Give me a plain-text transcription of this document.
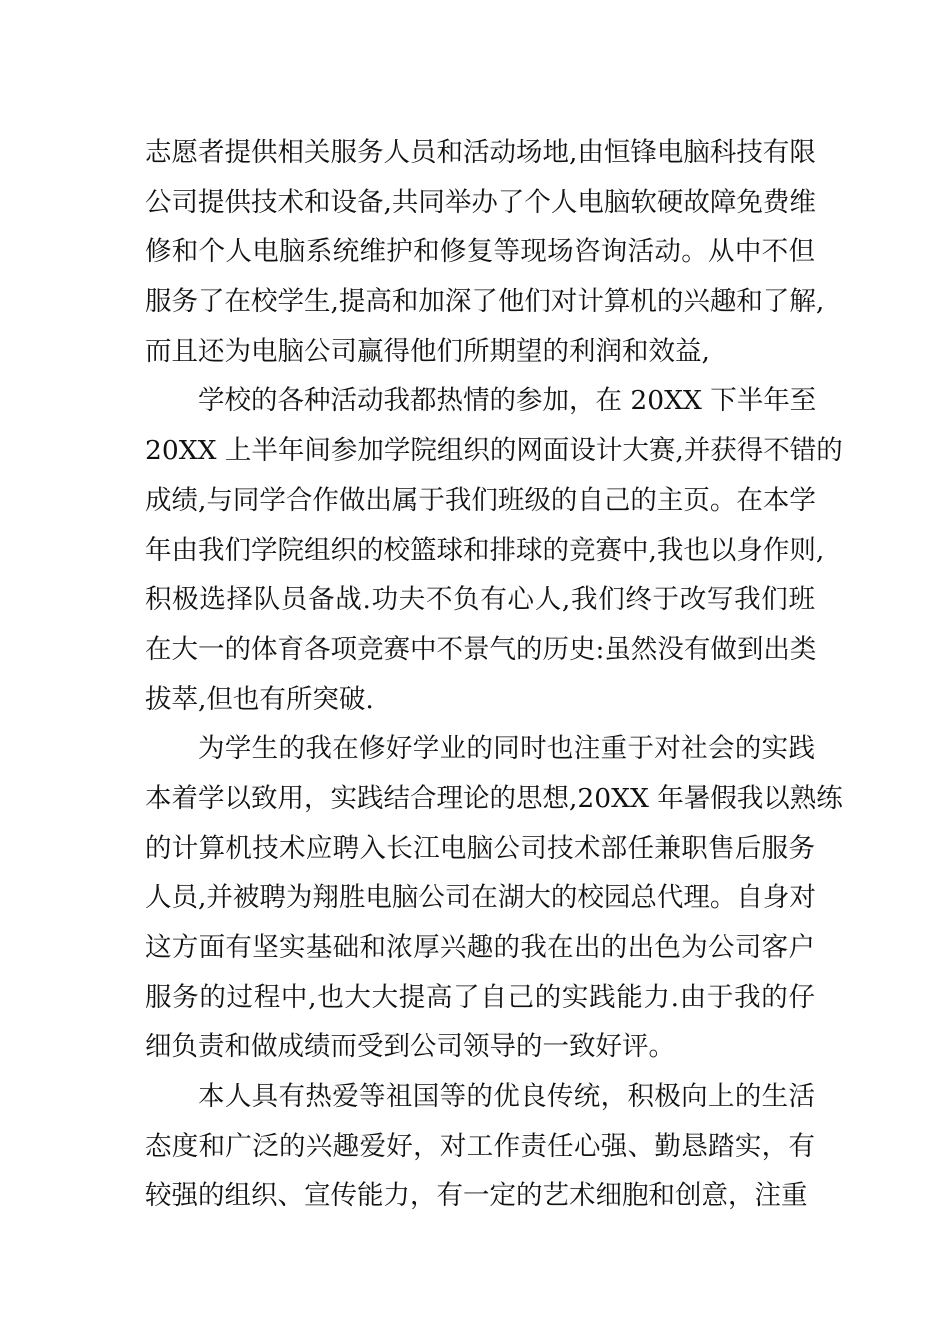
志愿者提供相关服务人员和活动场地,由恒锋电脑科技有限
公司提供技术和设备,共同举办了个人电脑软硬故障免费维
修和个人电脑系统维护和修复等现场咨询活动。从中不但
服务了在校学生,提高和加深了他们对计算机的兴趣和了解,
而且还为电脑公司赢得他们所期望的利润和效益,
学校的各种活动我都热情的参加，在 20XX 下半年至
20XX 上半年间参加学院组织的网面设计大赛,并获得不错的
成绩,与同学合作做出属于我们班级的自己的主页。在本学
年由我们学院组织的校篮球和排球的竞赛中,我也以身作则,
积极选择队员备战.功夫不负有心人,我们终于改写我们班
在大一的体育各项竞赛中不景气的历史:虽然没有做到出类
拔萃,但也有所突破.
为学生的我在修好学业的同时也注重于对社会的实践
本着学以致用，实践结合理论的思想,20XX 年暑假我以熟练
的计算机技术应聘入长江电脑公司技术部任兼职售后服务
人员,并被聘为翔胜电脑公司在湖大的校园总代理。自身对
这方面有坚实基础和浓厚兴趣的我在出的出色为公司客户
服务的过程中,也大大提高了自己的实践能力.由于我的仔
细负责和做成绩而受到公司领导的一致好评。
本人具有热爱等祖国等的优良传统，积极向上的生活
态度和广泛的兴趣爱好，对工作责任心强、勤恳踏实，有
较强的组织、宣传能力，有一定的艺术细胞和创意，注重
